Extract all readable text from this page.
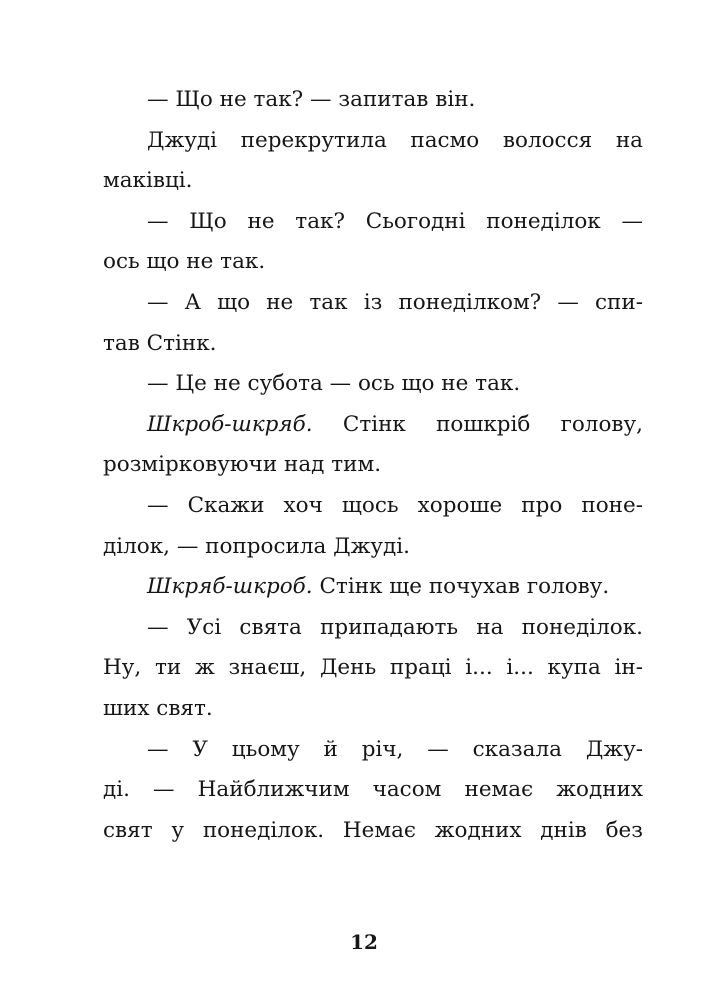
— Що не так? — запитав він.
Джуді перекрутила пасмо волосся на
маківці.
— Що не так? Сьогодні понеділок —
ось що не так.
— А що не так із понеділком? — спи-
тав Стінк.
— Це не субота — ось що не так.
Шкроб-шкряб. Стінк пошкріб голову,
розмірковуючи над тим.
— Скажи хоч щось хороше про поне-
ділок, — попросила Джуді.
Шкряб-шкроб. Стінк ще почухав голову.
— Усі свята припадають на понеділок.
Ну, ти ж знаєш, День праці і... і... купа ін-
ших свят.
— У цьому й річ, — сказала Джу-
ді. — Найближчим часом немає жодних
свят у понеділок. Немає жодних днів без
12
